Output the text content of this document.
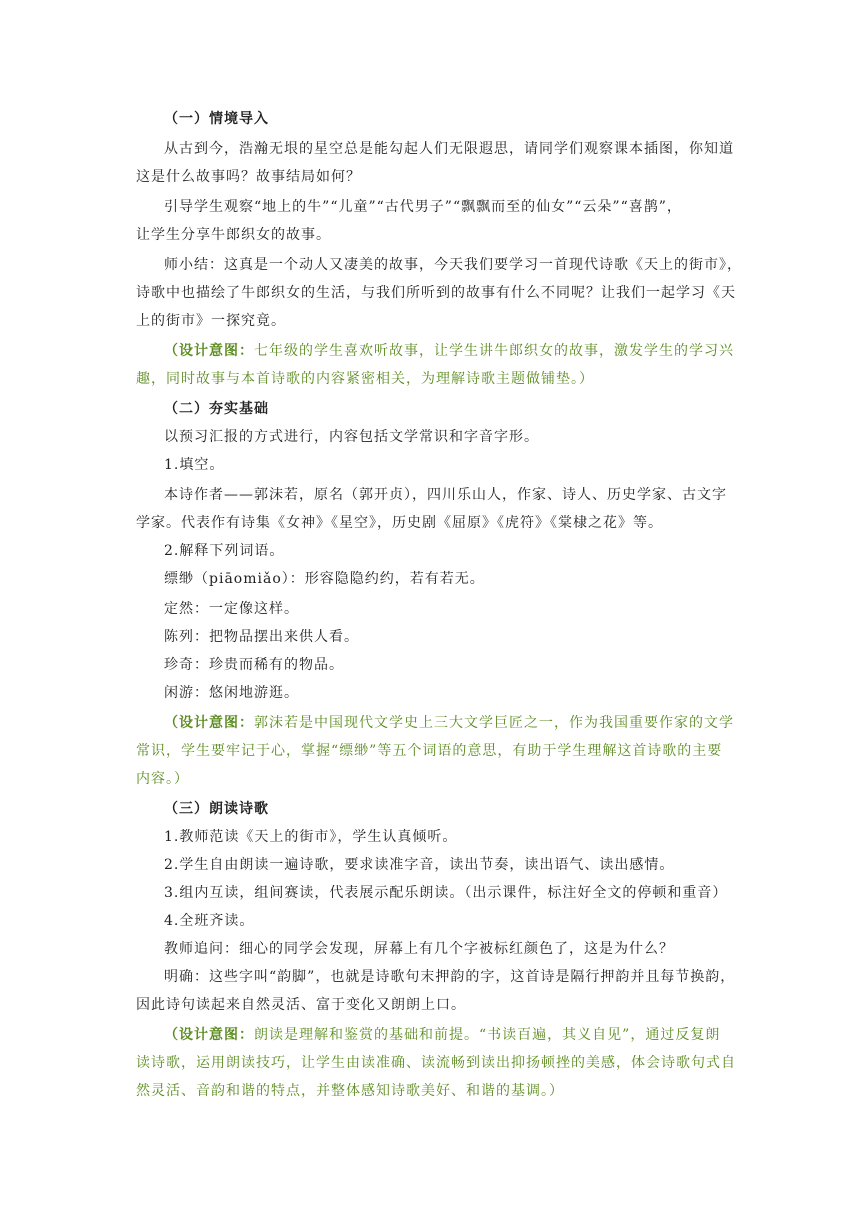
（一）情境导入
从古到今，浩瀚无垠的星空总是能勾起人们无限遐思，请同学们观察课本插图，你知道
这是什么故事吗？故事结局如何？
引导学生观察“地上的牛”“儿童”“古代男子”“飘飘而至的仙女”“云朵”“喜鹊”，
让学生分享牛郎织女的故事。
师小结：这真是一个动人又凄美的故事，今天我们要学习一首现代诗歌《天上的街市》，
诗歌中也描绘了牛郎织女的生活，与我们所听到的故事有什么不同呢？让我们一起学习《天
上的街市》一探究竟。
（设计意图：七年级的学生喜欢听故事，让学生讲牛郎织女的故事，激发学生的学习兴
趣，同时故事与本首诗歌的内容紧密相关，为理解诗歌主题做铺垫。）
（二）夯实基础
以预习汇报的方式进行，内容包括文学常识和字音字形。
1.填空。
本诗作者——郭沫若，原名（郭开贞），四川乐山人，作家、诗人、历史学家、古文字
学家。代表作有诗集《女神》《星空》，历史剧《屈原》《虎符》《棠棣之花》等。
2.解释下列词语。
缥缈（piāomiǎo）：形容隐隐约约，若有若无。
定然：一定像这样。
陈列：把物品摆出来供人看。
珍奇：珍贵而稀有的物品。
闲游：悠闲地游逛。
（设计意图：郭沫若是中国现代文学史上三大文学巨匠之一，作为我国重要作家的文学
常识，学生要牢记于心，掌握“缥缈”等五个词语的意思，有助于学生理解这首诗歌的主要
内容。）
（三）朗读诗歌
1.教师范读《天上的街市》，学生认真倾听。
2.学生自由朗读一遍诗歌，要求读准字音，读出节奏，读出语气、读出感情。
3.组内互读，组间赛读，代表展示配乐朗读。（出示课件，标注好全文的停顿和重音）
4.全班齐读。
教师追问：细心的同学会发现，屏幕上有几个字被标红颜色了，这是为什么？
明确：这些字叫“韵脚”，也就是诗歌句末押韵的字，这首诗是隔行押韵并且每节换韵，
因此诗句读起来自然灵活、富于变化又朗朗上口。
（设计意图：朗读是理解和鉴赏的基础和前提。“书读百遍，其义自见”，通过反复朗
读诗歌，运用朗读技巧，让学生由读准确、读流畅到读出抑扬顿挫的美感，体会诗歌句式自
然灵活、音韵和谐的特点，并整体感知诗歌美好、和谐的基调。）
